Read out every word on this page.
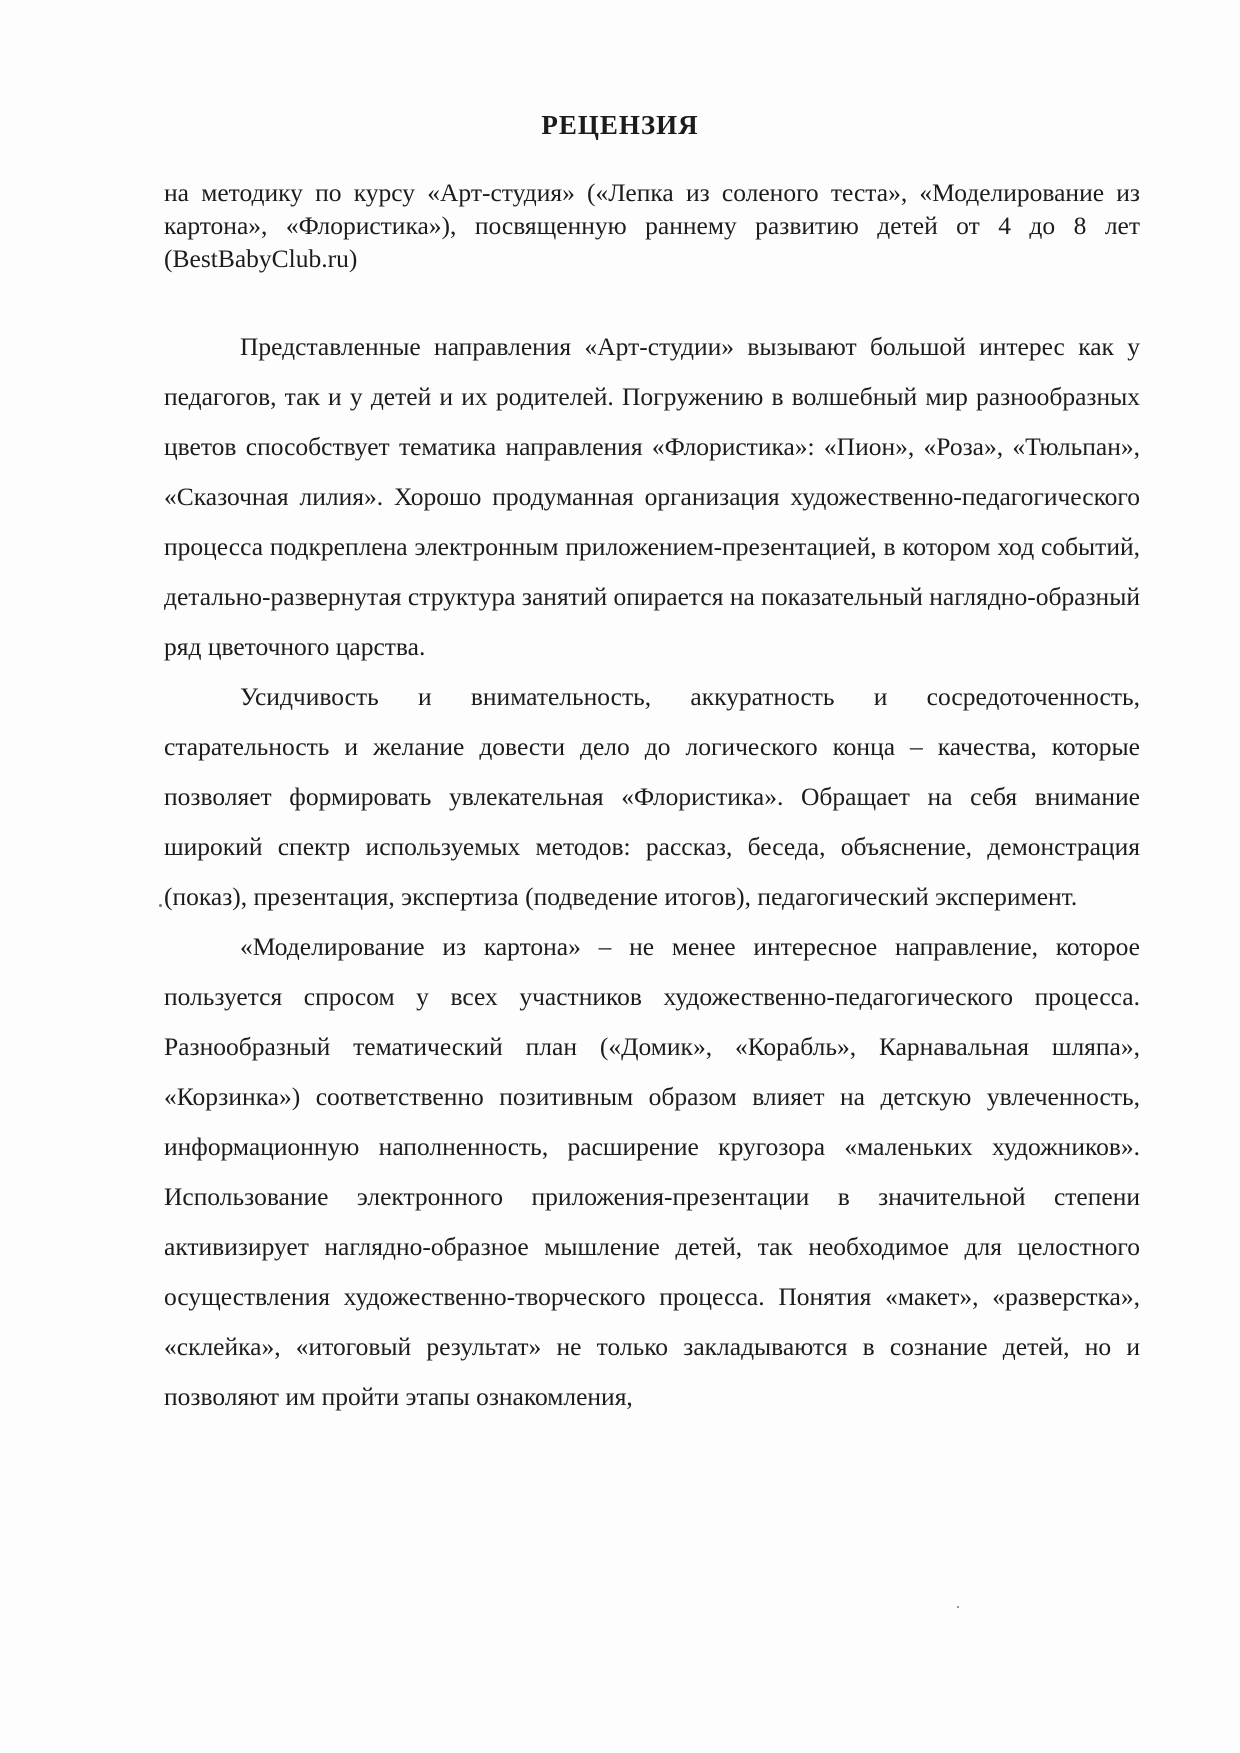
РЕЦЕНЗИЯ

на методику по курсу «Арт-студия» («Лепка из соленого теста», «Моделирование из картона», «Флористика»), посвященную раннему развитию детей от 4 до 8 лет (BestBabyClub.ru)

Представленные направления «Арт-студии» вызывают большой интерес как у педагогов, так и у детей и их родителей. Погружению в волшебный мир разнообразных цветов способствует тематика направления «Флористика»: «Пион», «Роза», «Тюльпан», «Сказочная лилия». Хорошо продуманная организация художественно-педагогического процесса подкреплена электронным приложением-презентацией, в котором ход событий, детально-развернутая структура занятий опирается на показательный наглядно-образный ряд цветочного царства.

Усидчивость и внимательность, аккуратность и сосредоточенность, старательность и желание довести дело до логического конца – качества, которые позволяет формировать увлекательная «Флористика». Обращает на себя внимание широкий спектр используемых методов: рассказ, беседа, объяснение, демонстрация (показ), презентация, экспертиза (подведение итогов), педагогический эксперимент.

«Моделирование из картона» – не менее интересное направление, которое пользуется спросом у всех участников художественно-педагогического процесса. Разнообразный тематический план («Домик», «Корабль», Карнавальная шляпа», «Корзинка») соответственно позитивным образом влияет на детскую увлеченность, информационную наполненность, расширение кругозора «маленьких художников». Использование электронного приложения-презентации в значительной степени активизирует наглядно-образное мышление детей, так необходимое для целостного осуществления художественно-творческого процесса. Понятия «макет», «разверстка», «склейка», «итоговый результат» не только закладываются в сознание детей, но и позволяют им пройти этапы ознакомления,
